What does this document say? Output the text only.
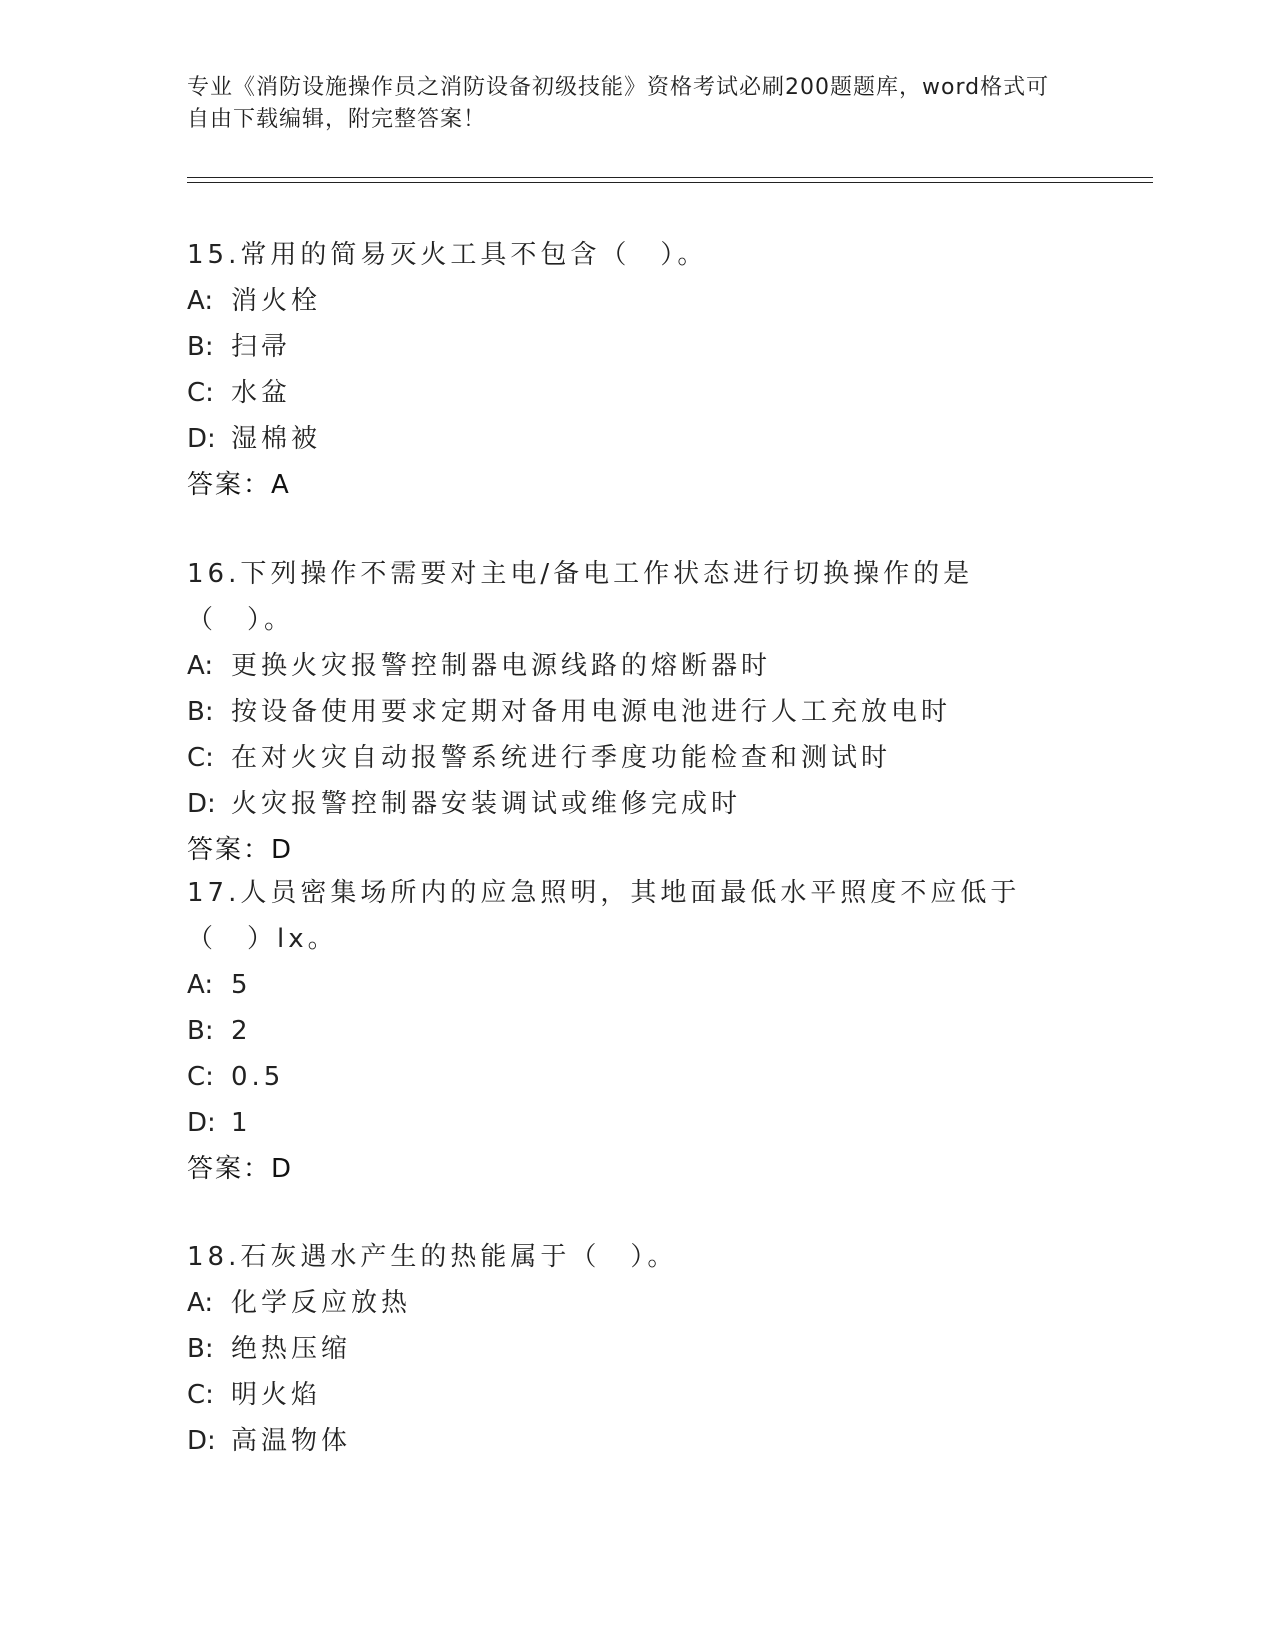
专业《消防设施操作员之消防设备初级技能》资格考试必刷200题题库，word格式可自由下载编辑，附完整答案！
15.常用的简易灭火工具不包含（　）。
A: 消火栓
B: 扫帚
C: 水盆
D: 湿棉被
答案：A
16.下列操作不需要对主电/备电工作状态进行切换操作的是（　）。
A: 更换火灾报警控制器电源线路的熔断器时
B: 按设备使用要求定期对备用电源电池进行人工充放电时
C: 在对火灾自动报警系统进行季度功能检查和测试时
D: 火灾报警控制器安装调试或维修完成时
答案：D
17.人员密集场所内的应急照明，其地面最低水平照度不应低于（　）lx。
A: 5
B: 2
C: 0.5
D: 1
答案：D
18.石灰遇水产生的热能属于（　）。
A: 化学反应放热
B: 绝热压缩
C: 明火焰
D: 高温物体
